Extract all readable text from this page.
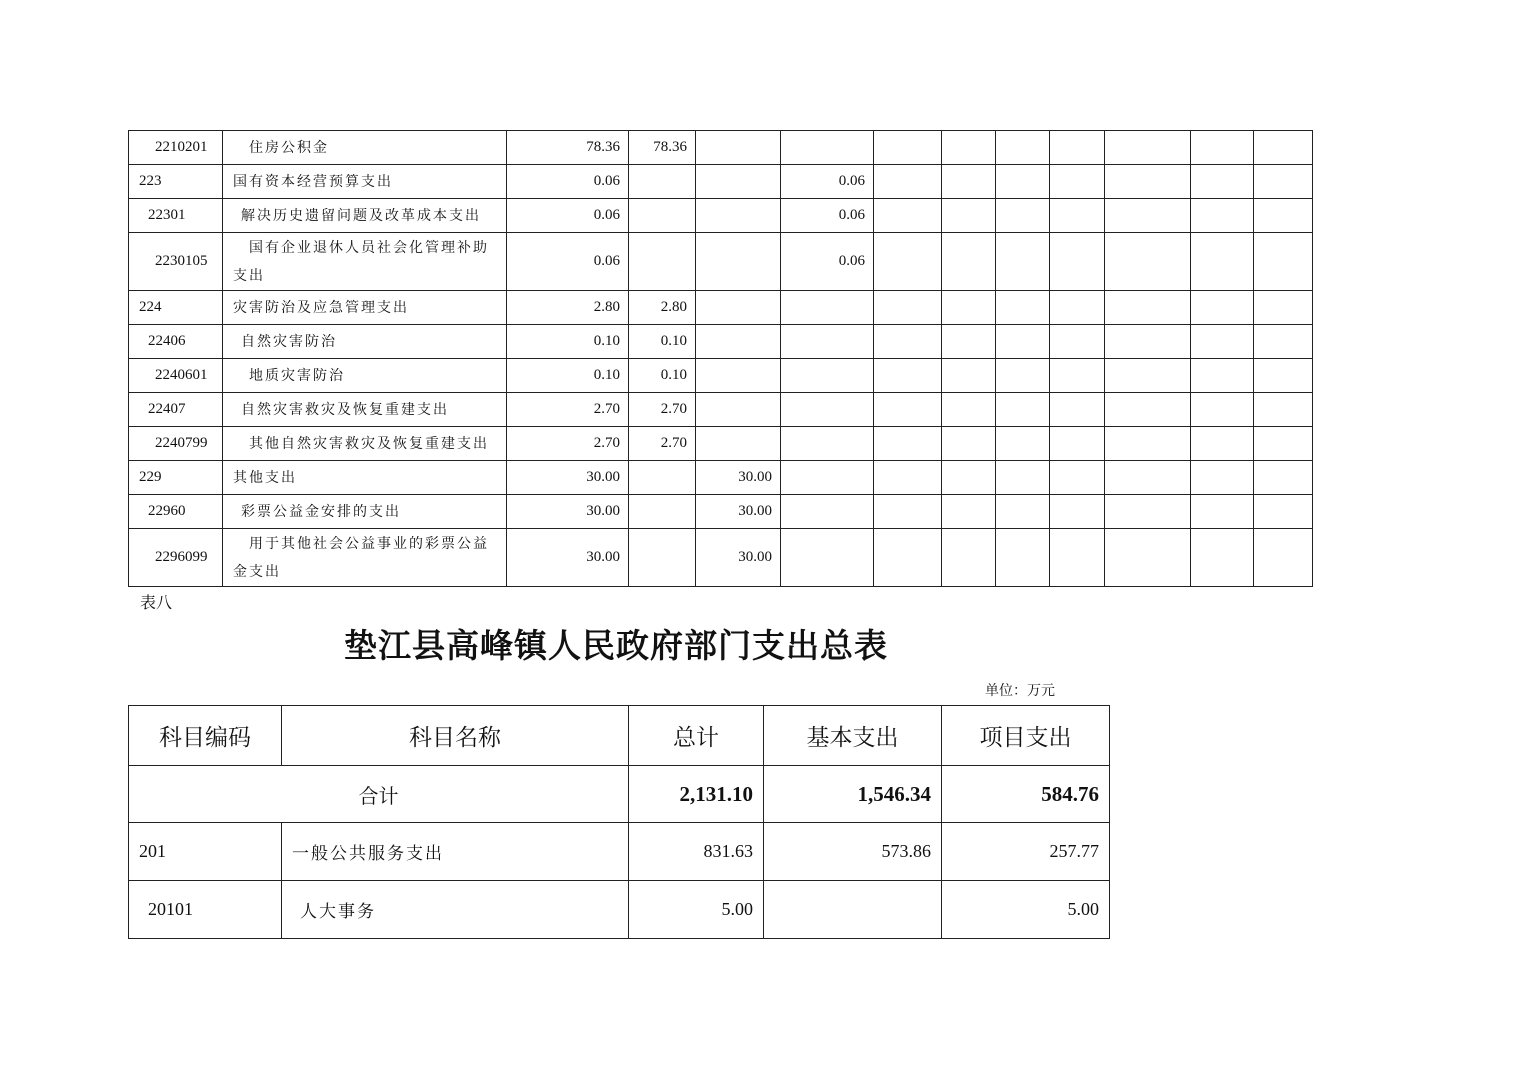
2210201	住房公积金	78.36	78.36									
223	国有资本经营预算支出	0.06			0.06							
22301	解决历史遗留问题及改革成本支出	0.06			0.06							
2230105	国有企业退休人员社会化管理补助支出	0.06			0.06							
224	灾害防治及应急管理支出	2.80	2.80									
22406	自然灾害防治	0.10	0.10									
2240601	地质灾害防治	0.10	0.10									
22407	自然灾害救灾及恢复重建支出	2.70	2.70									
2240799	其他自然灾害救灾及恢复重建支出	2.70	2.70									
229	其他支出	30.00		30.00								
22960	彩票公益金安排的支出	30.00		30.00								
2296099	用于其他社会公益事业的彩票公益金支出	30.00		30.00								
表八
垫江县高峰镇人民政府部门支出总表
单位：万元
科目编码	科目名称	总计	基本支出	项目支出
合计		2,131.10	1,546.34	584.76
201	一般公共服务支出	831.63	573.86	257.77
20101	人大事务	5.00		5.00
